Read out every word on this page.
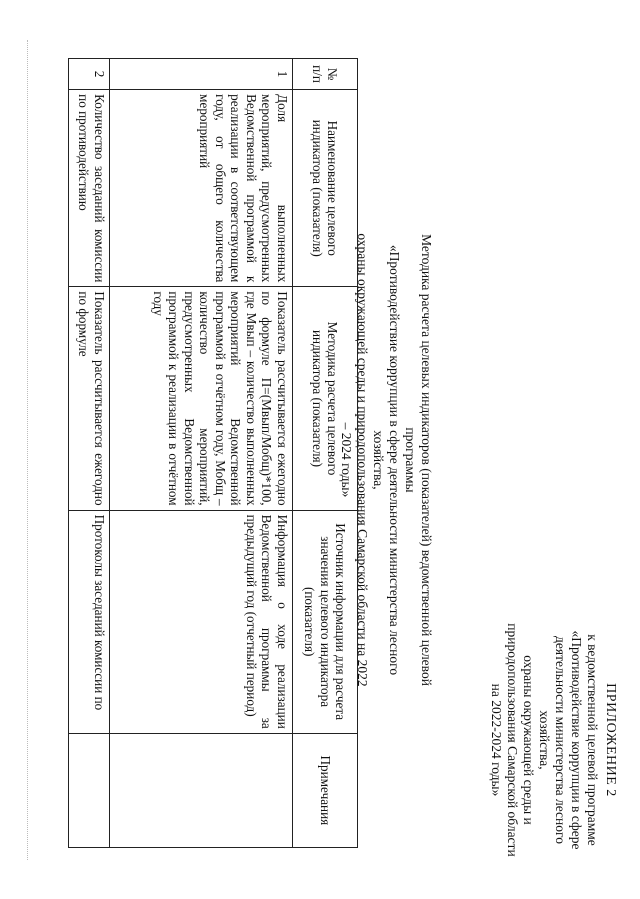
ПРИЛОЖЕНИЕ 2
к ведомственной целевой программе
«Противодействие коррупции в сфере
деятельности министерства лесного хозяйства,
охраны окружающей среды и
природопользования Самарской области
на 2022-2024 годы»
Методика расчета целевых индикаторов (показателей) ведомственной целевой программы
«Противодействие коррупции в сфере деятельности министерства лесного хозяйства,
охраны окружающей среды и природопользования Самарской области на 2022 – 2024 годы»
№ п/п	Наименование целевого индикатора (показателя)	Методика расчета целевого индикатора (показателя)	Источник информации для расчета значения целевого индикатора (показателя)	Примечания
1	Доля выполненных мероприятий, предусмотренных Ведомственной программой к реализации в соответствующем году, от общего количества мероприятий	Показатель рассчитывается ежегодно по формуле П=(Мвып/Мобщ)*100, где Мвып – количество выполненных мероприятий Ведомственной программой в отчётном году, Мобщ – количество мероприятий, предусмотренных Ведомственной программой к реализации в отчётном году	Информация о ходе реализации Ведомственной программы за предыдущий год (отчетный период)	
2	Количество заседаний комиссии по противодействию	Показатель рассчитывается ежегодно по формуле	Протоколы заседаний комиссии по	
